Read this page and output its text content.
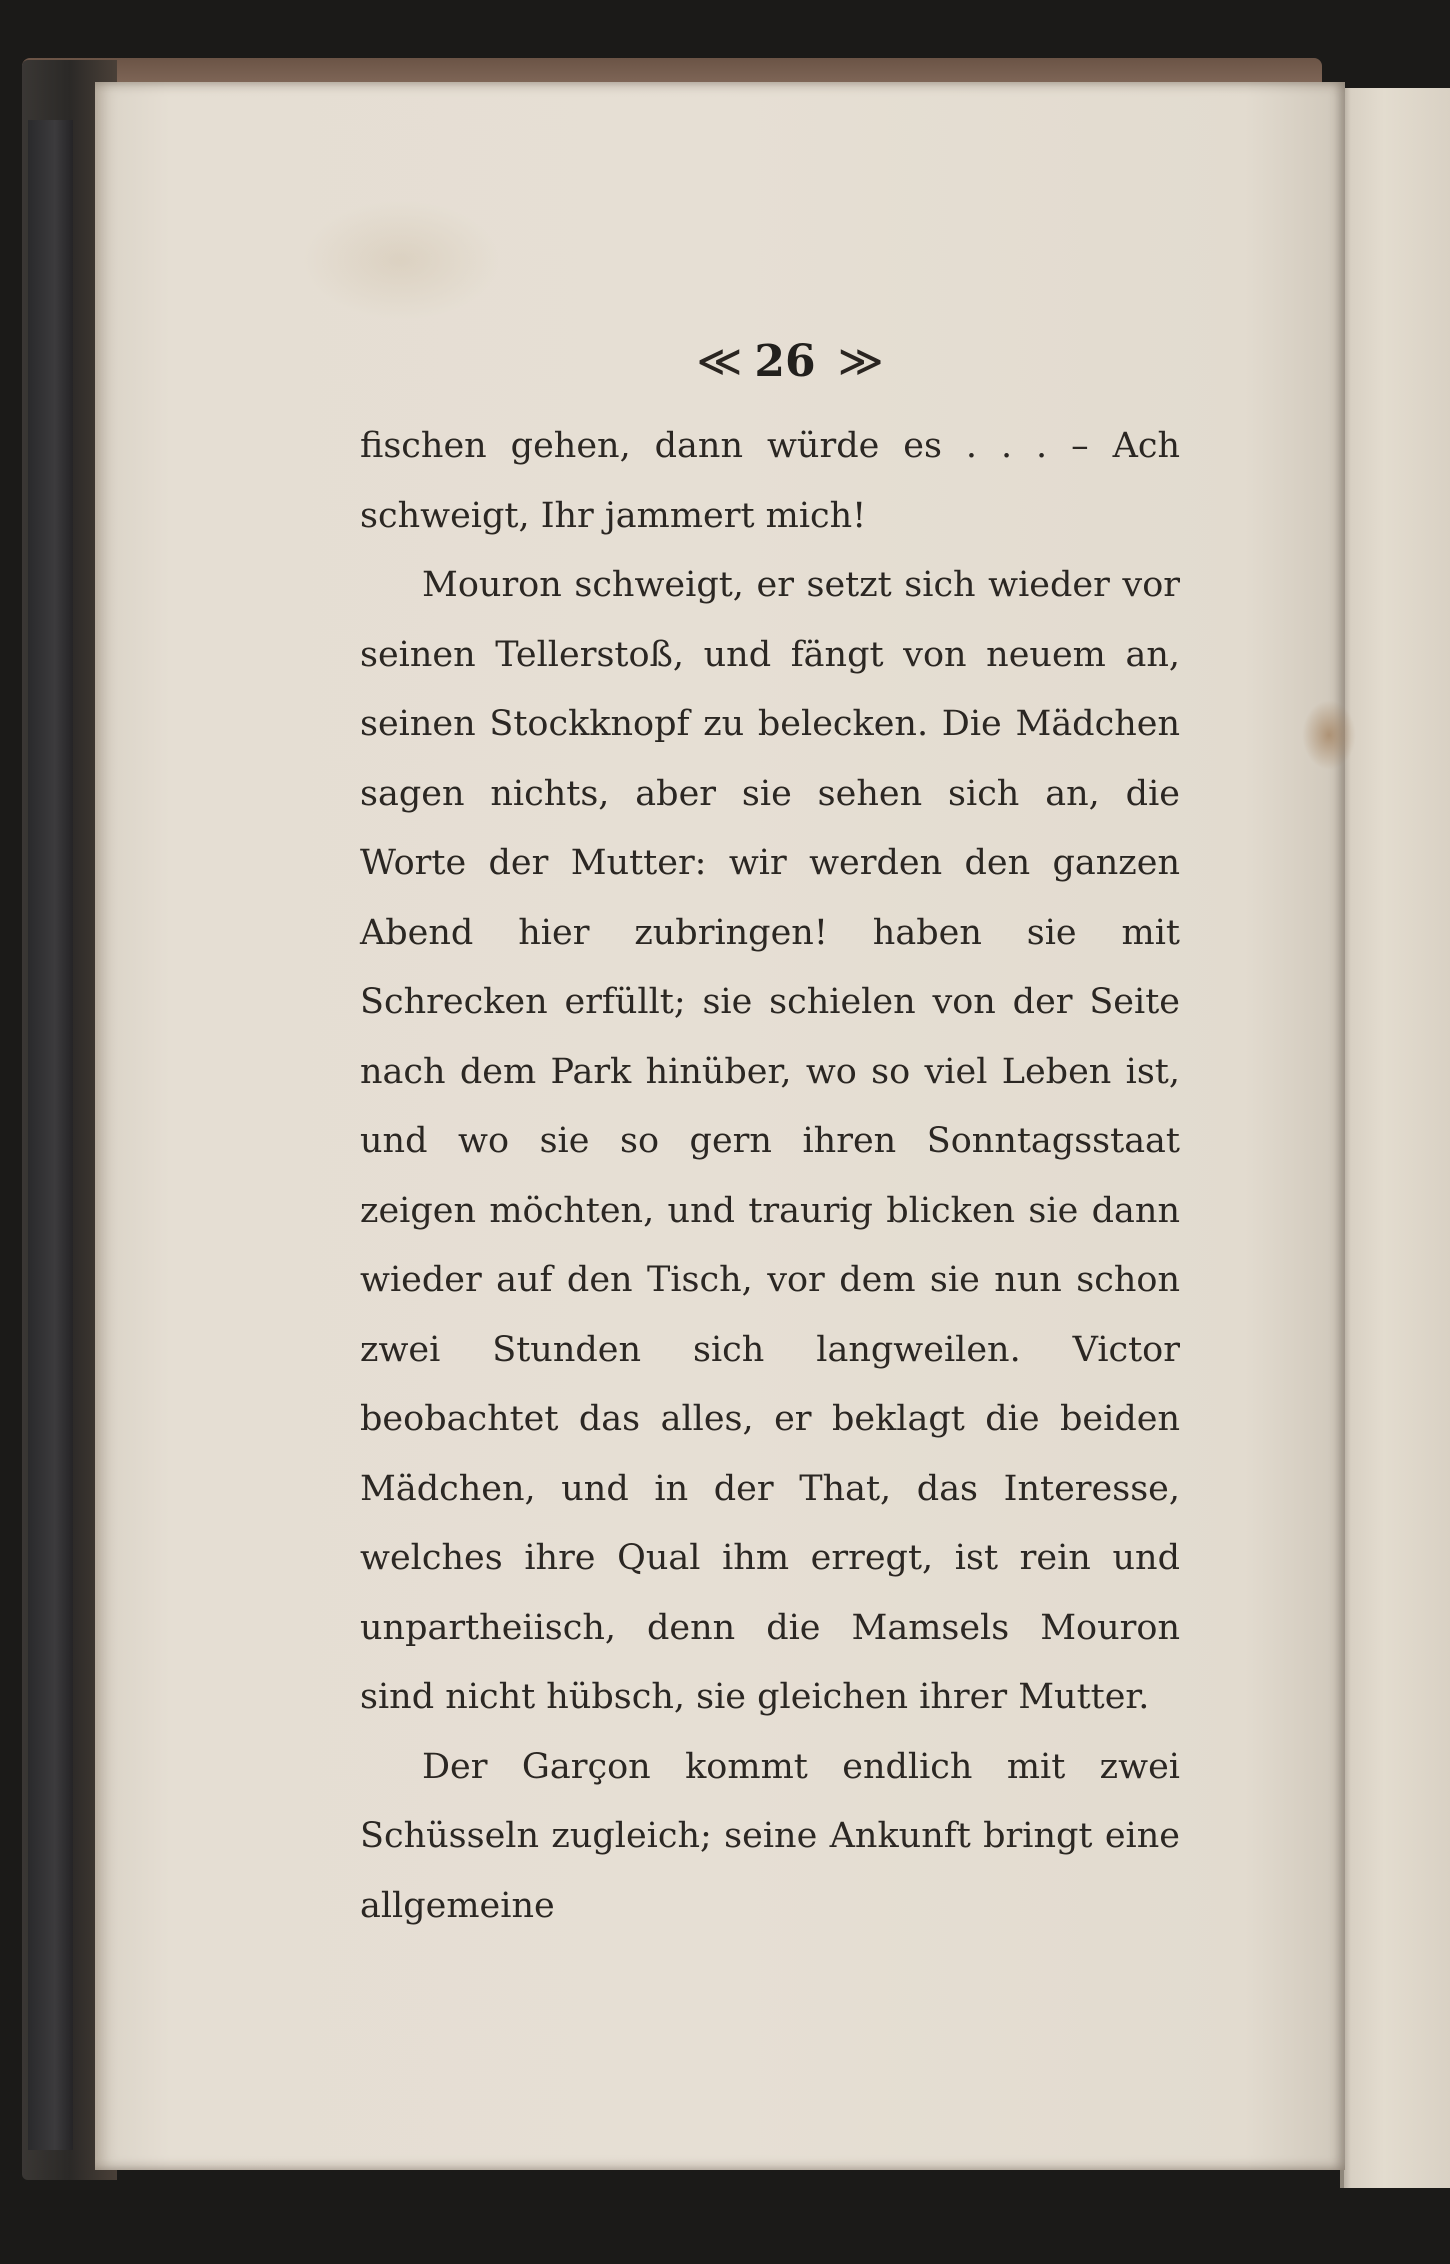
≪ 26 ≫

fischen gehen, dann würde es . . . – Ach schweigt, Ihr jammert mich!

Mouron schweigt, er setzt sich wieder vor seinen Tellerstoß, und fängt von neuem an, seinen Stockknopf zu belecken. Die Mädchen sagen nichts, aber sie sehen sich an, die Worte der Mutter: wir werden den ganzen Abend hier zubringen! haben sie mit Schrecken erfüllt; sie schielen von der Seite nach dem Park hinüber, wo so viel Leben ist, und wo sie so gern ihren Sonntagsstaat zeigen möchten, und traurig blicken sie dann wieder auf den Tisch, vor dem sie nun schon zwei Stunden sich langweilen. Victor beobachtet das alles, er beklagt die beiden Mädchen, und in der That, das Interesse, welches ihre Qual ihm erregt, ist rein und unpartheiisch, denn die Mamsels Mouron sind nicht hübsch, sie gleichen ihrer Mutter.

Der Garçon kommt endlich mit zwei Schüsseln zugleich; seine Ankunft bringt eine allgemeine
